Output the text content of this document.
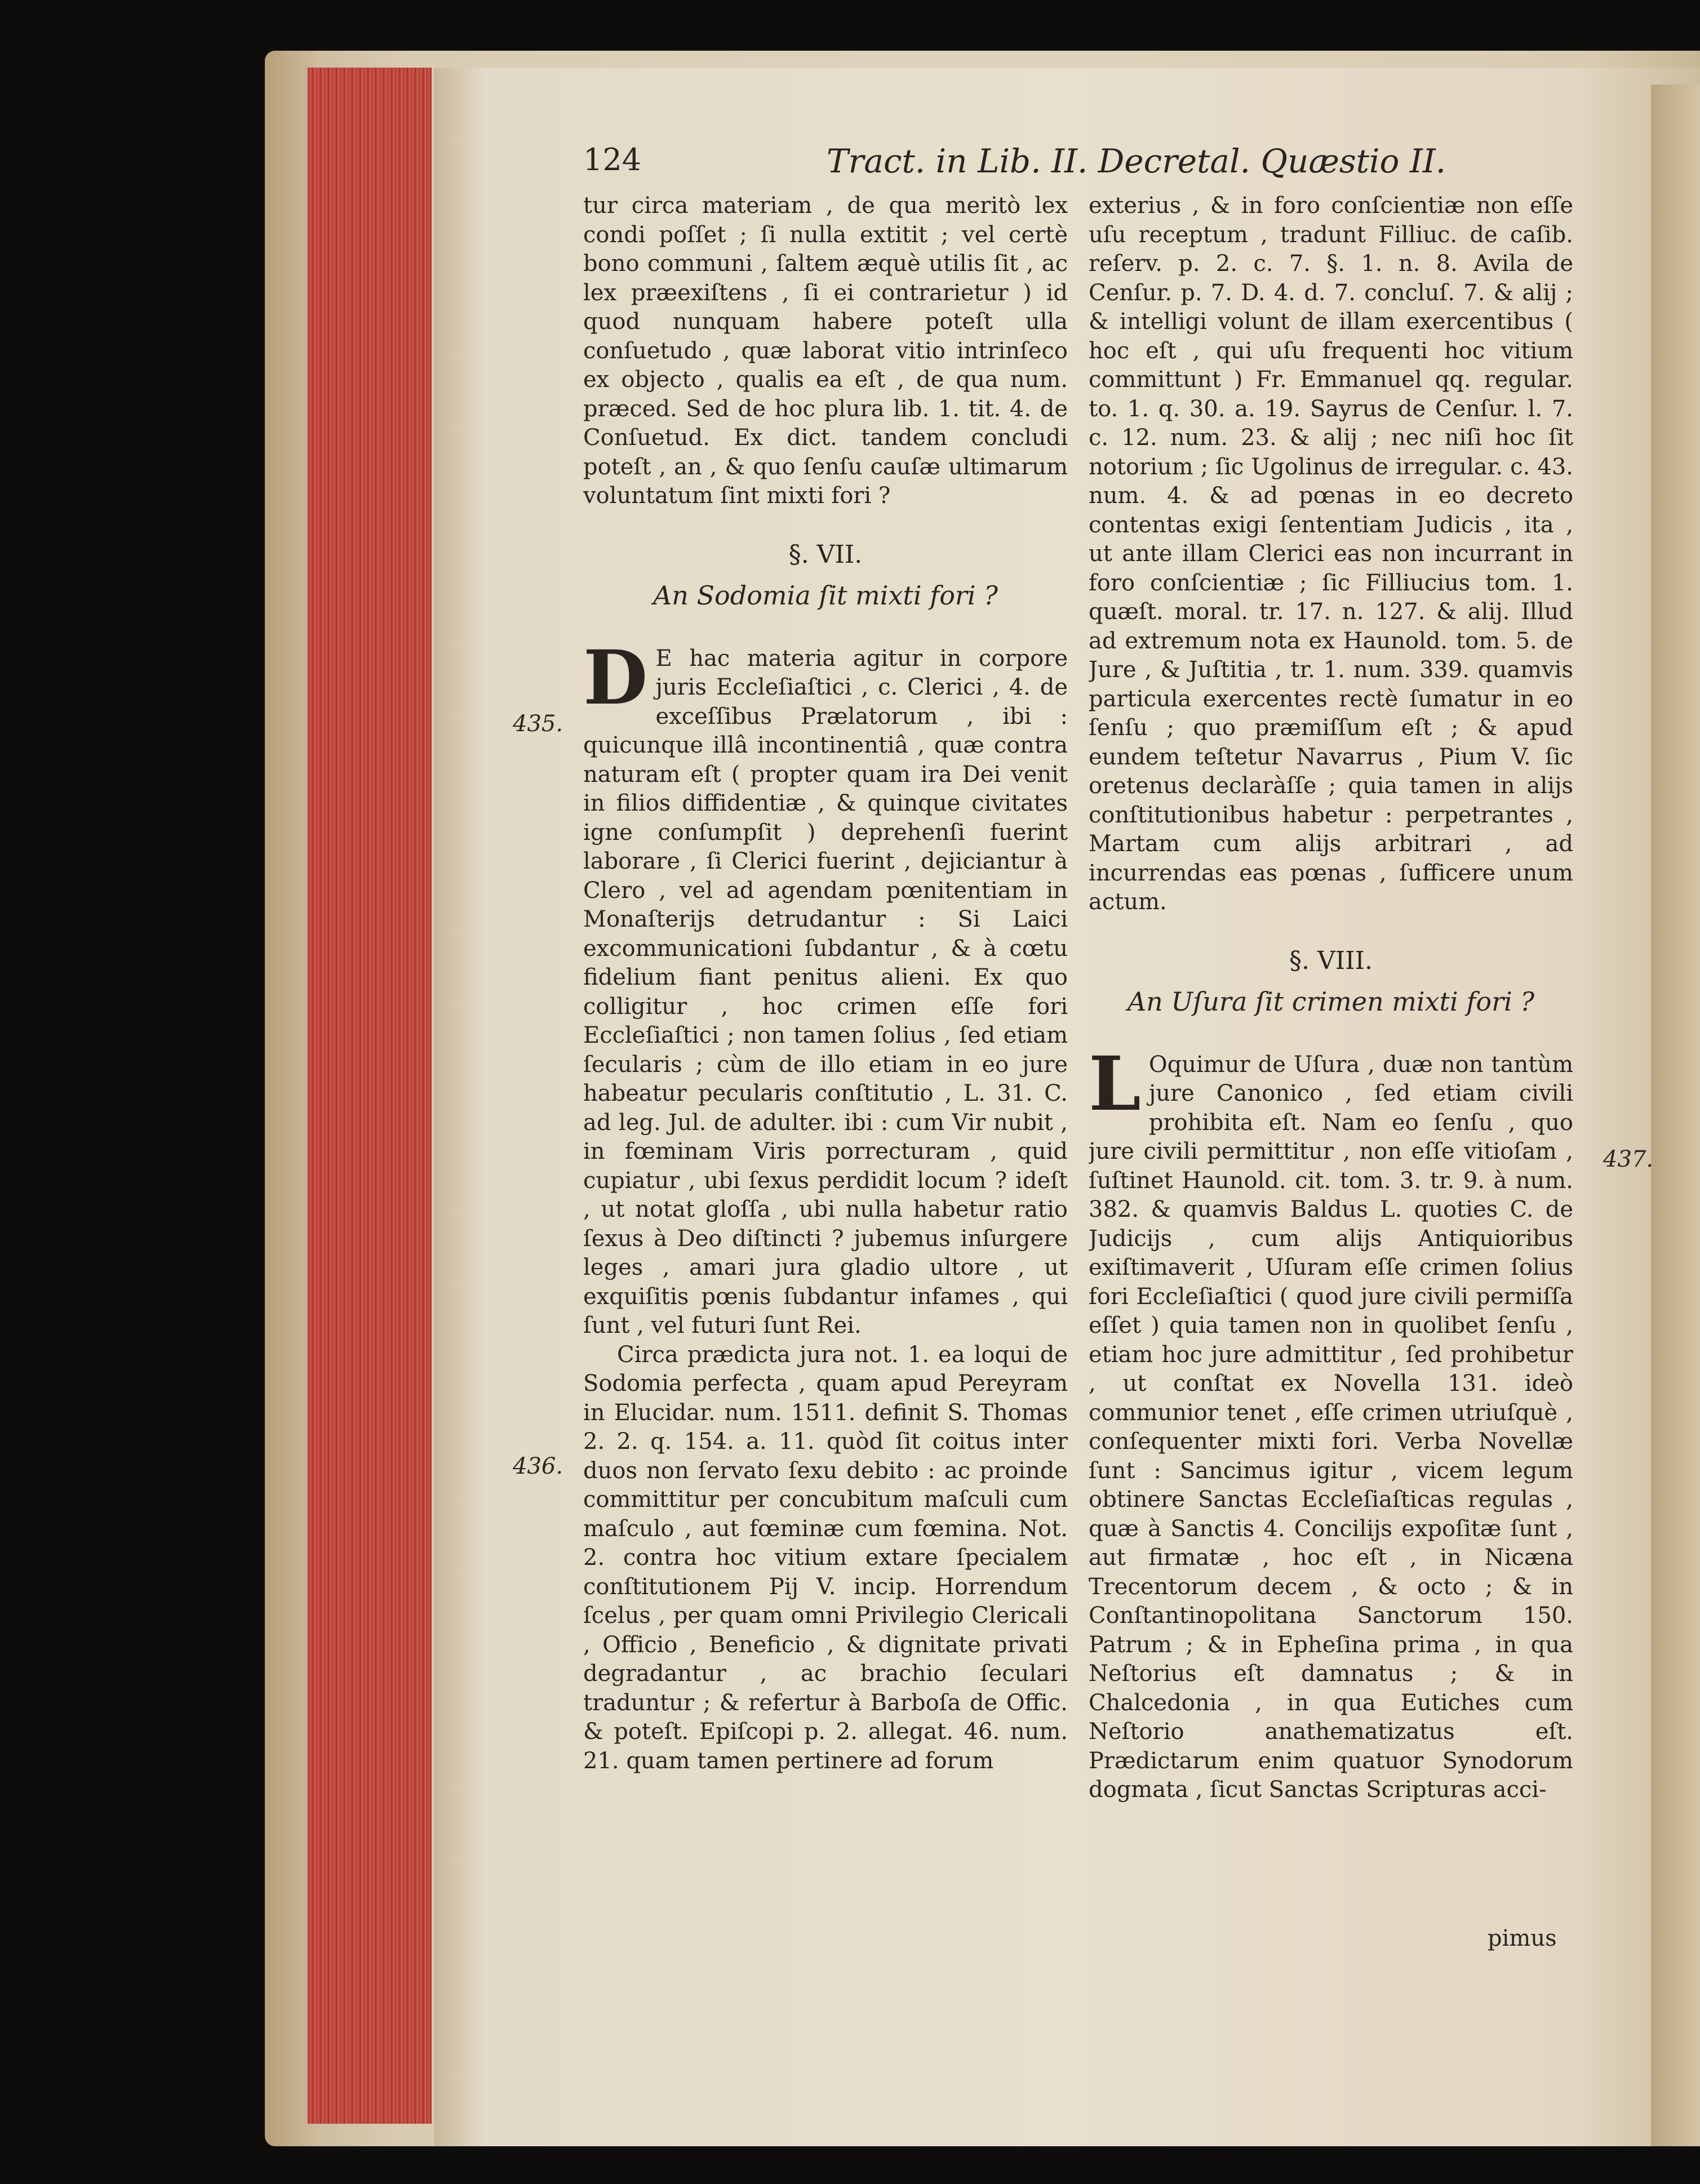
124	Tract. in Lib. II. Decretal. Quæstio II.
435.
436.
437.

tur circa materiam , de qua meritò lex condi poſſet ; ſi nulla extitit ; vel certè bono communi , ſaltem æquè utilis ſit , ac lex præexiſtens , ſi ei contrarietur ) id quod nunquam habere poteſt ulla conſuetudo , quæ laborat vitio intrinſeco ex objecto , qualis ea eſt , de qua num. præced. Sed de hoc plura lib. 1. tit. 4. de Conſuetud. Ex dict. tandem concludi poteſt , an , & quo ſenſu cauſæ ultimarum voluntatum ſint mixti fori ?

§. VII.

An Sodomia ſit mixti fori ?

D E hac materia agitur in corpore juris Eccleſiaſtici , c. Clerici , 4. de exceſſibus Prælatorum , ibi : quicunque illâ incontinentiâ , quæ contra naturam eſt ( propter quam ira Dei venit in filios diffidentiæ , & quinque civitates igne conſumpſit ) deprehenſi fuerint laborare , ſi Clerici fuerint , dejiciantur à Clero , vel ad agendam pœnitentiam in Monaſterijs detrudantur : Si Laici excommunicationi ſubdantur , & à cœtu fidelium fiant penitus alieni. Ex quo colligitur , hoc crimen eſſe fori Eccleſiaſtici ; non tamen ſolius , ſed etiam ſecularis ; cùm de illo etiam in eo jure habeatur pecularis conſtitutio , L. 31. C. ad leg. Jul. de adulter. ibi : cum Vir nubit , in fœminam Viris porrecturam , quid cupiatur , ubi ſexus perdidit locum ? ideſt , ut notat gloſſa , ubi nulla habetur ratio ſexus à Deo diſtincti ? jubemus inſurgere leges , amari jura gladio ultore , ut exquiſitis pœnis ſubdantur infames , qui ſunt , vel futuri ſunt Rei.

Circa prædicta jura not. 1. ea loqui de Sodomia perfecta , quam apud Pereyram in Elucidar. num. 1511. definit S. Thomas 2. 2. q. 154. a. 11. quòd ſit coitus inter duos non ſervato ſexu debito : ac proinde committitur per concubitum maſculi cum maſculo , aut fœminæ cum fœmina. Not. 2. contra hoc vitium extare ſpecialem conſtitutionem Pij V. incip. Horrendum ſcelus , per quam omni Privilegio Clericali , Officio , Beneficio , & dignitate privati degradantur , ac brachio ſeculari traduntur ; & refertur à Barboſa de Offic. & poteſt. Epiſcopi p. 2. allegat. 46. num. 21. quam tamen pertinere ad forum

exterius , & in foro conſcientiæ non eſſe uſu receptum , tradunt Filliuc. de caſib. reſerv. p. 2. c. 7. §. 1. n. 8. Avila de Cenſur. p. 7. D. 4. d. 7. concluſ. 7. & alij ; & intelligi volunt de illam exercentibus ( hoc eſt , qui uſu frequenti hoc vitium committunt ) Fr. Emmanuel qq. regular. to. 1. q. 30. a. 19. Sayrus de Cenſur. l. 7. c. 12. num. 23. & alij ; nec niſi hoc ſit notorium ; ſic Ugolinus de irregular. c. 43. num. 4. & ad pœnas in eo decreto contentas exigi ſententiam Judicis , ita , ut ante illam Clerici eas non incurrant in foro conſcientiæ ; ſic Filliucius tom. 1. quæſt. moral. tr. 17. n. 127. & alij. Illud ad extremum nota ex Haunold. tom. 5. de Jure , & Juſtitia , tr. 1. num. 339. quamvis particula exercentes rectè ſumatur in eo ſenſu ; quo præmiſſum eſt ; & apud eundem teſtetur Navarrus , Pium V. ſic oretenus declaràſſe ; quia tamen in alijs conſtitutionibus habetur : perpetrantes , Martam cum alijs arbitrari , ad incurrendas eas pœnas , ſufficere unum actum.

§. VIII.

An Uſura ſit crimen mixti fori ?

L Oquimur de Uſura , duæ non tantùm jure Canonico , ſed etiam civili prohibita eſt. Nam eo ſenſu , quo jure civili permittitur , non eſſe vitioſam , ſuſtinet Haunold. cit. tom. 3. tr. 9. à num. 382. & quamvis Baldus L. quoties C. de Judicijs , cum alijs Antiquioribus exiſtimaverit , Uſuram eſſe crimen ſolius fori Eccleſiaſtici ( quod jure civili permiſſa eſſet ) quia tamen non in quolibet ſenſu , etiam hoc jure admittitur , ſed prohibetur , ut conſtat ex Novella 131. ideò communior tenet , eſſe crimen utriuſquè , conſequenter mixti fori. Verba Novellæ ſunt : Sancimus igitur , vicem legum obtinere Sanctas Eccleſiaſticas regulas , quæ à Sanctis 4. Concilijs expoſitæ ſunt , aut firmatæ , hoc eſt , in Nicæna Trecentorum decem , & octo ; & in Conſtantinopolitana Sanctorum 150. Patrum ; & in Epheſina prima , in qua Neſtorius eſt damnatus ; & in Chalcedonia , in qua Eutiches cum Neſtorio anathematizatus eſt. Prædictarum enim quatuor Synodorum dogmata , ſicut Sanctas Scripturas acci-

pimus
